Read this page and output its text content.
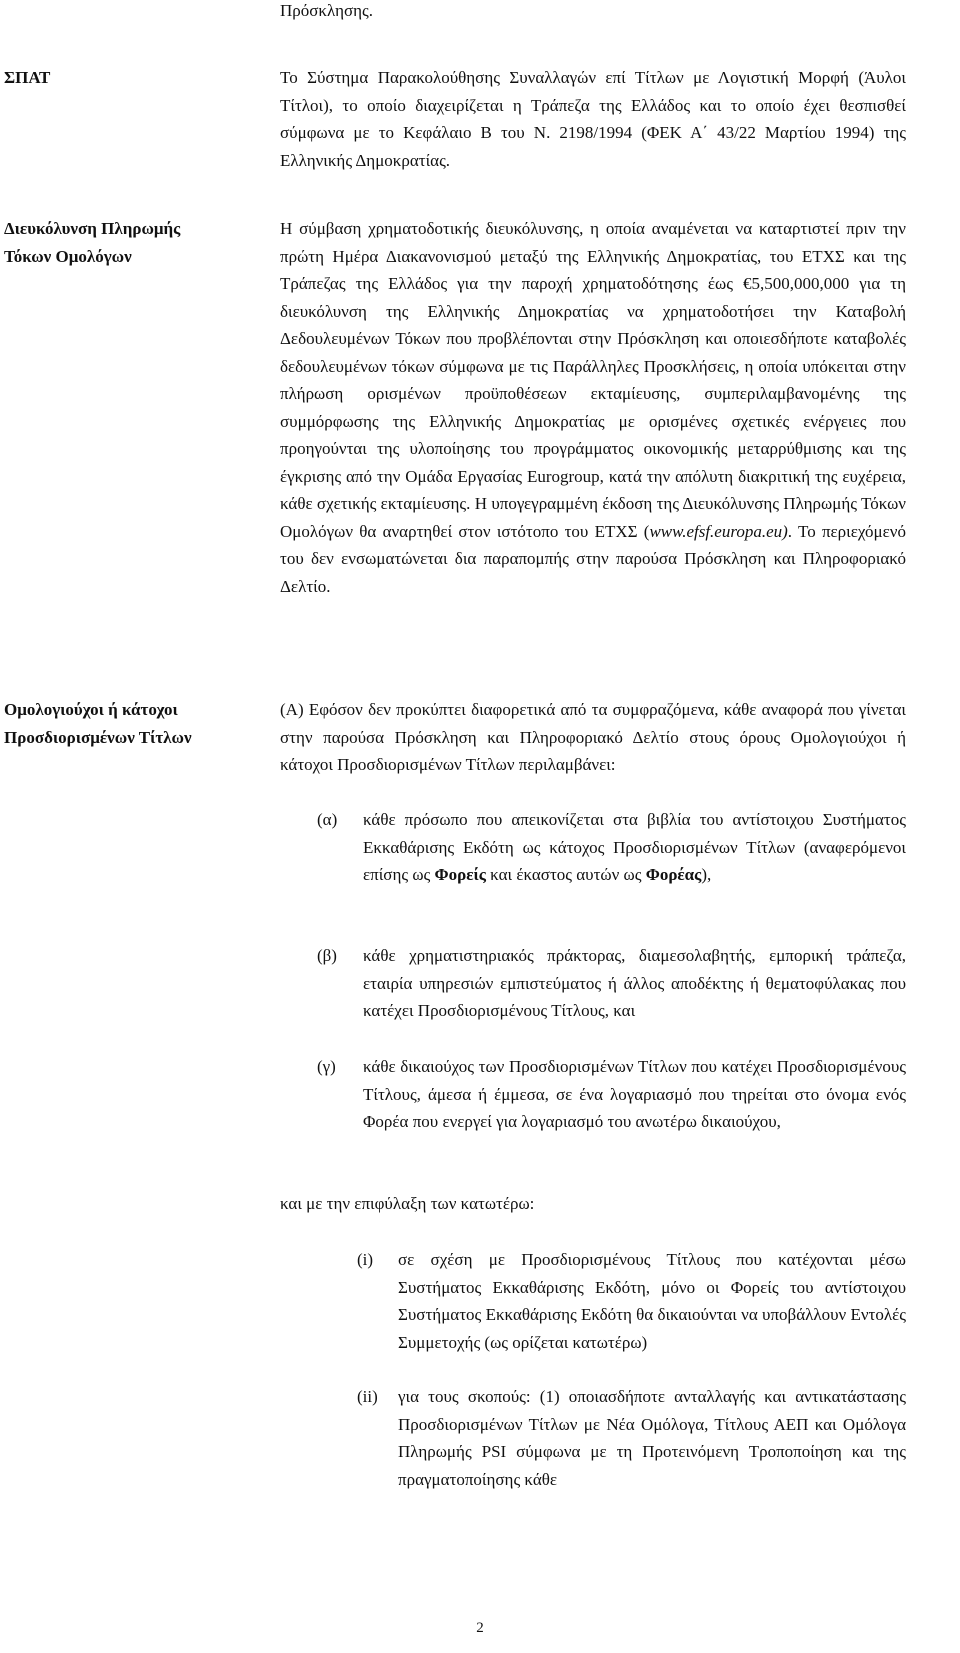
Πρόσκλησης.
ΣΠΑΤ	Το Σύστημα Παρακολούθησης Συναλλαγών επί Τίτλων με Λογιστική Μορφή (Άυλοι Τίτλοι), το οποίο διαχειρίζεται η Τράπεζα της Ελλάδος και το οποίο έχει θεσπισθεί σύμφωνα με το Κεφάλαιο Β του Ν. 2198/1994 (ΦΕΚ Α΄ 43/22 Μαρτίου 1994) της Ελληνικής Δημοκρατίας.
Διευκόλυνση Πληρωμής
Τόκων Ομολόγων
Η σύμβαση χρηματοδοτικής διευκόλυνσης, η οποία αναμένεται να καταρτιστεί πριν την πρώτη Ημέρα Διακανονισμού μεταξύ της Ελληνικής Δημοκρατίας, του ΕΤΧΣ και της Τράπεζας της Ελλάδος για την παροχή χρηματοδότησης έως €5,500,000,000 για τη διευκόλυνση της Ελληνικής Δημοκρατίας να χρηματοδοτήσει την Καταβολή Δεδουλευμένων Τόκων που προβλέπονται στην Πρόσκληση και οποιεσδήποτε καταβολές δεδουλευμένων τόκων σύμφωνα με τις Παράλληλες Προσκλήσεις, η οποία υπόκειται στην πλήρωση ορισμένων προϋποθέσεων εκταμίευσης, συμπεριλαμβανομένης της συμμόρφωσης της Ελληνικής Δημοκρατίας με ορισμένες σχετικές ενέργειες που προηγούνται της υλοποίησης του προγράμματος οικονομικής μεταρρύθμισης και της έγκρισης από την Ομάδα Εργασίας Eurogroup, κατά την απόλυτη διακριτική της ευχέρεια, κάθε σχετικής εκταμίευσης. Η υπογεγραμμένη έκδοση της Διευκόλυνσης Πληρωμής Τόκων Ομολόγων θα αναρτηθεί στον ιστότοπο του ΕΤΧΣ (www.efsf.europa.eu). Το περιεχόμενό του δεν ενσωματώνεται δια παραπομπής στην παρούσα Πρόσκληση και Πληροφοριακό Δελτίο.
Ομολογιούχοι ή κάτοχοι
Προσδιορισμένων Τίτλων
(Α) Εφόσον δεν προκύπτει διαφορετικά από τα συμφραζόμενα, κάθε αναφορά που γίνεται στην παρούσα Πρόσκληση και Πληροφοριακό Δελτίο στους όρους Ομολογιούχοι ή κάτοχοι Προσδιορισμένων Τίτλων περιλαμβάνει:
(α) κάθε πρόσωπο που απεικονίζεται στα βιβλία του αντίστοιχου Συστήματος Εκκαθάρισης Εκδότη ως κάτοχος Προσδιορισμένων Τίτλων (αναφερόμενοι επίσης ως Φορείς και έκαστος αυτών ως Φορέας),
(β) κάθε χρηματιστηριακός πράκτορας, διαμεσολαβητής, εμπορική τράπεζα, εταιρία υπηρεσιών εμπιστεύματος ή άλλος αποδέκτης ή θεματοφύλακας που κατέχει Προσδιορισμένους Τίτλους, και
(γ) κάθε δικαιούχος των Προσδιορισμένων Τίτλων που κατέχει Προσδιορισμένους Τίτλους, άμεσα ή έμμεσα, σε ένα λογαριασμό που τηρείται στο όνομα ενός Φορέα που ενεργεί για λογαριασμό του ανωτέρω δικαιούχου,
και με την επιφύλαξη των κατωτέρω:
(i) σε σχέση με Προσδιορισμένους Τίτλους που κατέχονται μέσω Συστήματος Εκκαθάρισης Εκδότη, μόνο οι Φορείς του αντίστοιχου Συστήματος Εκκαθάρισης Εκδότη θα δικαιούνται να υποβάλλουν Εντολές Συμμετοχής (ως ορίζεται κατωτέρω)
(ii) για τους σκοπούς: (1) οποιασδήποτε ανταλλαγής και αντικατάστασης Προσδιορισμένων Τίτλων με Νέα Ομόλογα, Τίτλους ΑΕΠ και Ομόλογα Πληρωμής PSI σύμφωνα με τη Προτεινόμενη Τροποποίηση και της πραγματοποίησης κάθε
2
